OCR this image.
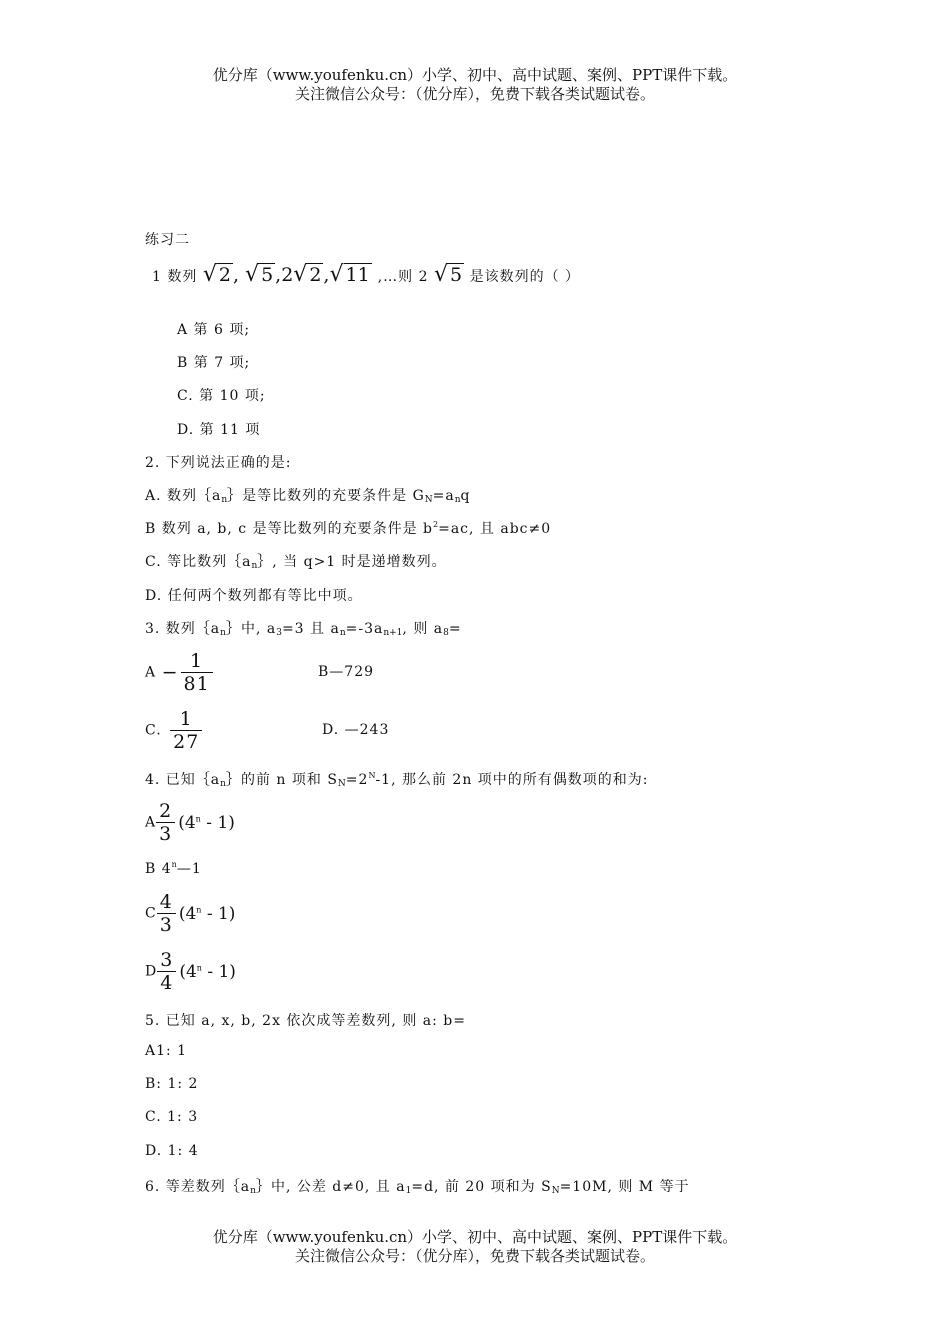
优分库（www.youfenku.cn）小学、初中、高中试题、案例、PPT课件下载。
关注微信公众号：（优分库），免费下载各类试题试卷。
练习二
1 数列 √ 2 , √ 5 ,2√ 2 ,√ 11 ,…则 2 √ 5 是该数列的（ ）
A 第 6 项;
B 第 7 项;
C. 第 10 项;
D. 第 11 项
2. 下列说法正确的是:
A. 数列$\{a_n\}$是等比数列的充要条件是 $G_N=a_nq$
B 数列 a, b, c 是等比数列的充要条件是 $b^2=ac$, 且 abc≠0
C. 等比数列$\{a_n\}$, 当 q>1 时是递增数列。
D. 任何两个数列都有等比中项。
3. 数列$\{a_n\}$中, $a_3=3$ 且 $a_n=-3a_{n+1}$, 则 $a_8=$
$A - \frac{1}{81}$	B—729
C. $\frac{1}{27}$	D. —243
4. 已知$\{a_n\}$的前 n 项和 $S_N=2^N-1$, 那么前 2n 项中的所有偶数项的和为:
A $\frac{2}{3} (4^n - 1)$
B 4$^n$—1
C $\frac{4}{3} (4^n - 1)$
D $\frac{3}{4} (4^n - 1)$
5. 已知 a, x, b, 2x 依次成等差数列, 则 a: b=
A1: 1
B: 1: 2
C. 1: 3
D. 1: 4
6. 等差数列$\{a_n\}$中, 公差 d≠0, 且 $a_1=d$, 前 20 项和为 $S_N=10M$, 则 M 等于
优分库（www.youfenku.cn）小学、初中、高中试题、案例、PPT课件下载。
关注微信公众号：（优分库），免费下载各类试题试卷。
